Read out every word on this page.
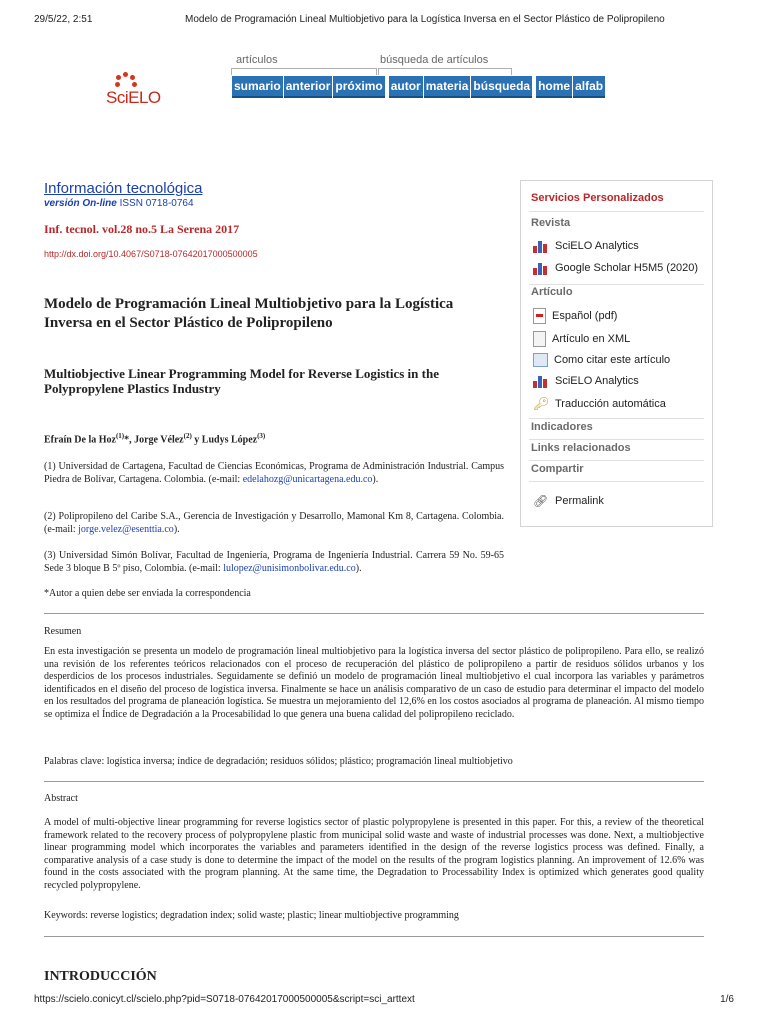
29/5/22, 2:51	Modelo de Programación Lineal Multiobjetivo para la Logística Inversa en el Sector Plástico de Polipropileno
SciELO
artículos	búsqueda de artículos
sumario anterior próximo autor materia búsqueda home alfab
Información tecnológica
versión On-line ISSN 0718-0764
Inf. tecnol. vol.28 no.5 La Serena 2017
http://dx.doi.org/10.4067/S0718-07642017000500005
Modelo de Programación Lineal Multiobjetivo para la Logística Inversa en el Sector Plástico de Polipropileno
Multiobjective Linear Programming Model for Reverse Logistics in the Polypropylene Plastics Industry
Efraín De la Hoz$^{(1)}$*, Jorge Vélez$^{(2)}$ y Ludys López$^{(3)}$
(1) Universidad de Cartagena, Facultad de Ciencias Económicas, Programa de Administración Industrial. Campus Piedra de Bolívar, Cartagena. Colombia. (e-mail: edelahozg@unicartagena.edu.co).
(2) Polipropileno del Caribe S.A., Gerencia de Investigación y Desarrollo, Mamonal Km 8, Cartagena. Colombia. (e-mail: jorge.velez@esenttia.co).
(3) Universidad Simón Bolívar, Facultad de Ingeniería, Programa de Ingeniería Industrial. Carrera 59 No. 59-65 Sede 3 bloque B 5º piso, Colombia. (e-mail: lulopez@unisimonbolivar.edu.co).
*Autor a quien debe ser enviada la correspondencia
Resumen
En esta investigación se presenta un modelo de programación lineal multiobjetivo para la logística inversa del sector plástico de polipropileno. Para ello, se realizó una revisión de los referentes teóricos relacionados con el proceso de recuperación del plástico de polipropileno a partir de residuos sólidos urbanos y los desperdicios de los procesos industriales. Seguidamente se definió un modelo de programación lineal multiobjetivo el cual incorpora las variables y parámetros identificados en el diseño del proceso de logística inversa. Finalmente se hace un análisis comparativo de un caso de estudio para determinar el impacto del modelo en los resultados del programa de planeación logística. Se muestra un mejoramiento del 12,6% en los costos asociados al programa de planeación. Al mismo tiempo se optimiza el Índice de Degradación a la Procesabilidad lo que genera una buena calidad del polipropileno reciclado.
Palabras clave: logística inversa; índice de degradación; residuos sólidos; plástico; programación lineal multiobjetivo
Abstract
A model of multi-objective linear programming for reverse logistics sector of plastic polypropylene is presented in this paper. For this, a review of the theoretical framework related to the recovery process of polypropylene plastic from municipal solid waste and waste of industrial processes was done. Next, a multiobjective linear programming model which incorporates the variables and parameters identified in the design of the reverse logistics process was defined. Finally, a comparative analysis of a case study is done to determine the impact of the model on the results of the program logistics planning. An improvement of 12.6% was found in the costs associated with the program planning. At the same time, the Degradation to Processability Index is optimized which generates good quality recycled polypropylene.
Keywords: reverse logistics; degradation index; solid waste; plastic; linear multiobjective programming
INTRODUCCIÓN
Servicios Personalizados
Revista
SciELO Analytics
Google Scholar H5M5 (2020)
Artículo
Español (pdf)
Artículo en XML
Como citar este artículo
SciELO Analytics
🔑︎ Traducción automática
Indicadores
Links relacionados
Compartir
🔗︎ Permalink
https://scielo.conicyt.cl/scielo.php?pid=S0718-07642017000500005&script=sci_arttext	1/6
